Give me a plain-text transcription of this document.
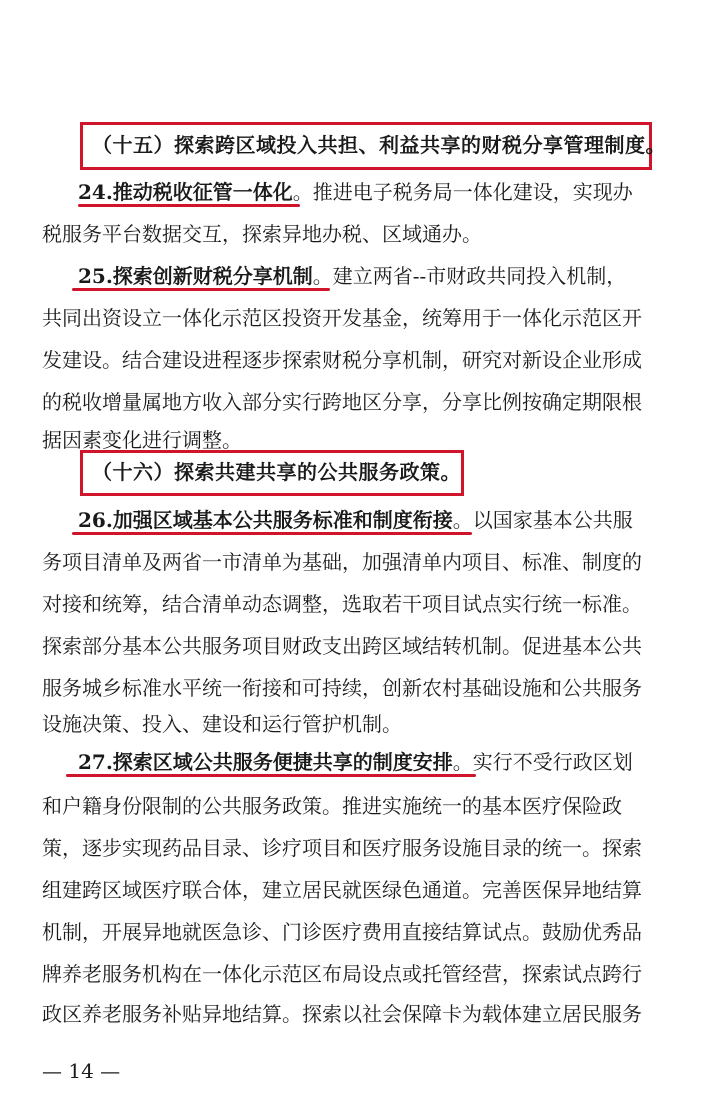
（十五）探索跨区域投入共担、利益共享的财税分享管理制度。
24.推动税收征管一体化。推进电子税务局一体化建设，实现办
税服务平台数据交互，探索异地办税、区域通办。
25.探索创新财税分享机制。建立两省--市财政共同投入机制，
共同出资设立一体化示范区投资开发基金，统筹用于一体化示范区开
发建设。结合建设进程逐步探索财税分享机制，研究对新设企业形成
的税收增量属地方收入部分实行跨地区分享，分享比例按确定期限根
据因素变化进行调整。
（十六）探索共建共享的公共服务政策。
26.加强区域基本公共服务标准和制度衔接。以国家基本公共服
务项目清单及两省一市清单为基础，加强清单内项目、标准、制度的
对接和统筹，结合清单动态调整，选取若干项目试点实行统一标准。
探索部分基本公共服务项目财政支出跨区域结转机制。促进基本公共
服务城乡标准水平统一衔接和可持续，创新农村基础设施和公共服务
设施决策、投入、建设和运行管护机制。
27.探索区域公共服务便捷共享的制度安排。实行不受行政区划
和户籍身份限制的公共服务政策。推进实施统一的基本医疗保险政
策，逐步实现药品目录、诊疗项目和医疗服务设施目录的统一。探索
组建跨区域医疗联合体，建立居民就医绿色通道。完善医保异地结算
机制，开展异地就医急诊、门诊医疗费用直接结算试点。鼓励优秀品
牌养老服务机构在一体化示范区布局设点或托管经营，探索试点跨行
政区养老服务补贴异地结算。探索以社会保障卡为载体建立居民服务
— 14 —
